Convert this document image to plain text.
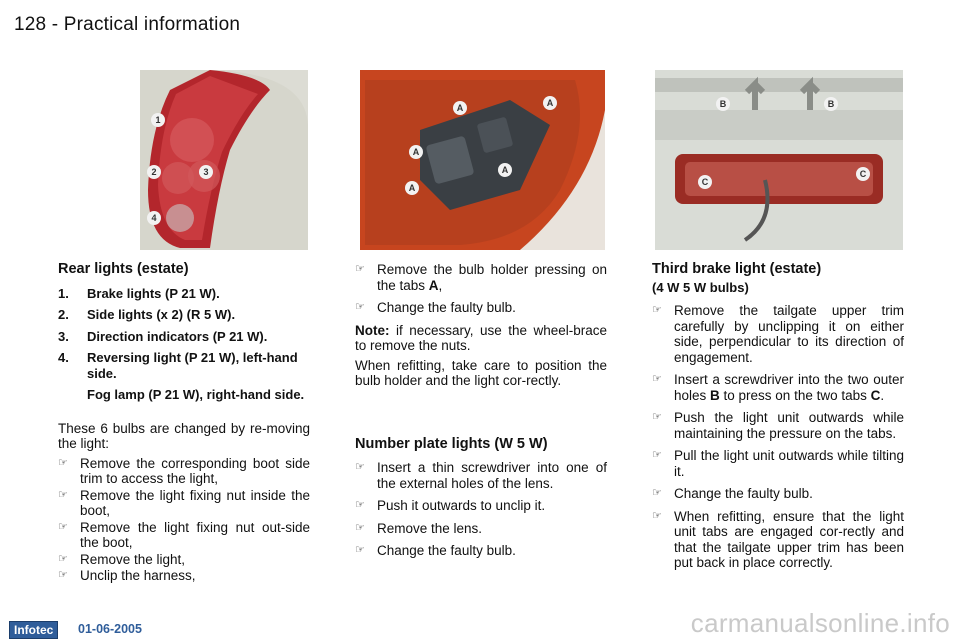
128 - Practical information
1
2	3
4
A	A
A
A
A
B	B
C
C
Rear lights (estate)
1. Brake lights (P 21 W).
2. Side lights (x 2) (R 5 W).
3. Direction indicators (P 21 W).
4. Reversing light (P 21 W), left-hand side.
Fog lamp (P 21 W), right-hand side.

These 6 bulbs are changed by re-moving the light:

☞ Remove the corresponding boot side trim to access the light,
☞ Remove the light fixing nut inside the boot,
☞ Remove the light fixing nut out-side the boot,
☞ Remove the light,
☞ Unclip the harness,
☞ Remove the bulb holder pressing on the tabs A,
☞ Change the faulty bulb.

Note: if necessary, use the wheel-brace to remove the nuts.

When refitting, take care to position the bulb holder and the light cor-rectly.

Number plate lights (W 5 W)
☞ Insert a thin screwdriver into one of the external holes of the lens.
☞ Push it outwards to unclip it.
☞ Remove the lens.
☞ Change the faulty bulb.
Third brake light (estate)
(4 W 5 W bulbs)
☞ Remove the tailgate upper trim carefully by unclipping it on either side, perpendicular to its direction of engagement.
☞ Insert a screwdriver into the two outer holes B to press on the two tabs C.
☞ Push the light unit outwards while maintaining the pressure on the tabs.
☞ Pull the light unit outwards while tilting it.
☞ Change the faulty bulb.
☞ When refitting, ensure that the light unit tabs are engaged cor-rectly and that the tailgate upper trim has been put back in place correctly.
Infotec	01-06-2005	carmanualsonline.info
